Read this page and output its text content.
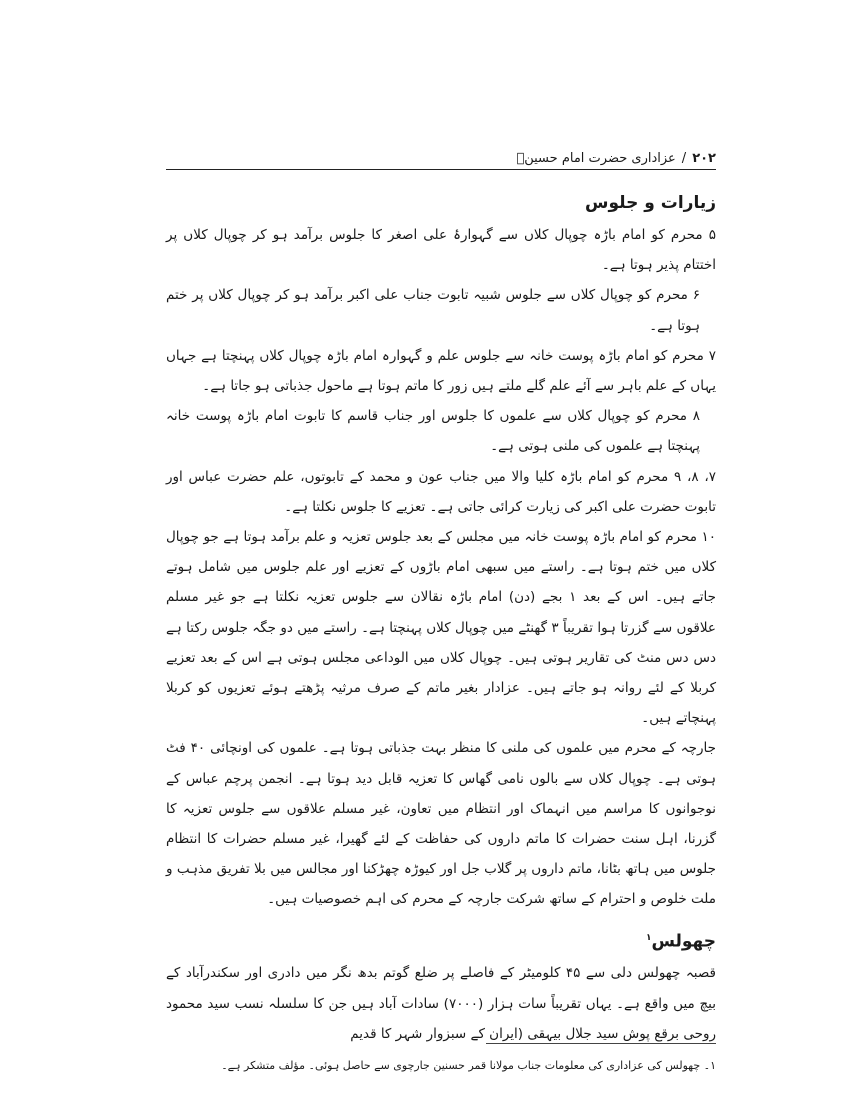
۲۰۲
/
عزاداری حضرت امام حسینؑ
زیارات و جلوس

۵ محرم کو امام باڑہ چوپال کلاں سے گہوارۂ علی اصغر کا جلوس برآمد ہو کر چوپال کلاں پر اختتام پذیر ہوتا ہے۔

۶ محرم کو چوپال کلاں سے جلوس شبیہ تابوت جناب علی اکبر برآمد ہو کر چوپال کلاں پر ختم ہوتا ہے۔

۷ محرم کو امام باڑہ پوست خانہ سے جلوس علم و گہوارہ امام باڑہ چوپال کلاں پہنچتا ہے جہاں یہاں کے علم باہر سے آئے علم گلے ملتے ہیں زور کا ماتم ہوتا ہے ماحول جذباتی ہو جاتا ہے۔

۸ محرم کو چوپال کلاں سے علموں کا جلوس اور جناب قاسم کا تابوت امام باڑہ پوست خانہ پہنچتا ہے علموں کی ملنی ہوتی ہے۔

۷، ۸، ۹ محرم کو امام باڑہ کلیا والا میں جناب عون و محمد کے تابوتوں، علم حضرت عباس اور تابوت حضرت علی اکبر کی زیارت کرائی جاتی ہے۔ تعزیے کا جلوس نکلتا ہے۔

۱۰ محرم کو امام باڑہ پوست خانہ میں مجلس کے بعد جلوس تعزیہ و علم برآمد ہوتا ہے جو چوپال کلاں میں ختم ہوتا ہے۔ راستے میں سبھی امام باڑوں کے تعزیے اور علم جلوس میں شامل ہوتے جاتے ہیں۔ اس کے بعد ۱ بجے (دن) امام باڑہ نقالان سے جلوس تعزیہ نکلتا ہے جو غیر مسلم علاقوں سے گزرتا ہوا تقریباً ۳ گھنٹے میں چوپال کلاں پہنچتا ہے۔ راستے میں دو جگہ جلوس رکتا ہے دس دس منٹ کی تقاریر ہوتی ہیں۔ چوپال کلاں میں الوداعی مجلس ہوتی ہے اس کے بعد تعزیے کربلا کے لئے روانہ ہو جاتے ہیں۔ عزادار بغیر ماتم کے صرف مرثیہ پڑھتے ہوئے تعزیوں کو کربلا پہنچاتے ہیں۔

جارچہ کے محرم میں علموں کی ملنی کا منظر بہت جذباتی ہوتا ہے۔ علموں کی اونچائی ۴۰ فٹ ہوتی ہے۔ چوپال کلاں سے بالوں نامی گھاس کا تعزیہ قابل دید ہوتا ہے۔ انجمن پرچم عباس کے نوجوانوں کا مراسم میں انہماک اور انتظام میں تعاون، غیر مسلم علاقوں سے جلوس تعزیہ کا گزرنا، اہل سنت حضرات کا ماتم داروں کی حفاظت کے لئے گھیرا، غیر مسلم حضرات کا انتظام جلوس میں ہاتھ بٹانا، ماتم داروں پر گلاب جل اور کیوڑہ چھڑکنا اور مجالس میں بلا تفریق مذہب و ملت خلوص و احترام کے ساتھ شرکت جارچہ کے محرم کی اہم خصوصیات ہیں۔

چھولس$^۱$

قصبہ چھولس دلی سے ۴۵ کلومیٹر کے فاصلے پر ضلع گوتم بدھ نگر میں دادری اور سکندرآباد کے بیچ میں واقع ہے۔ یہاں تقریباً سات ہزار (۷۰۰۰) سادات آباد ہیں جن کا سلسلہ نسب سید محمود روحی برقع پوش سید جلال بیہقی (ایران کے سبزوار شہر کا قدیم

۱۔ چھولس کی عزاداری کی معلومات جناب مولانا قمر حسنین جارچوی سے حاصل ہوئی۔ مؤلف متشکر ہے۔
